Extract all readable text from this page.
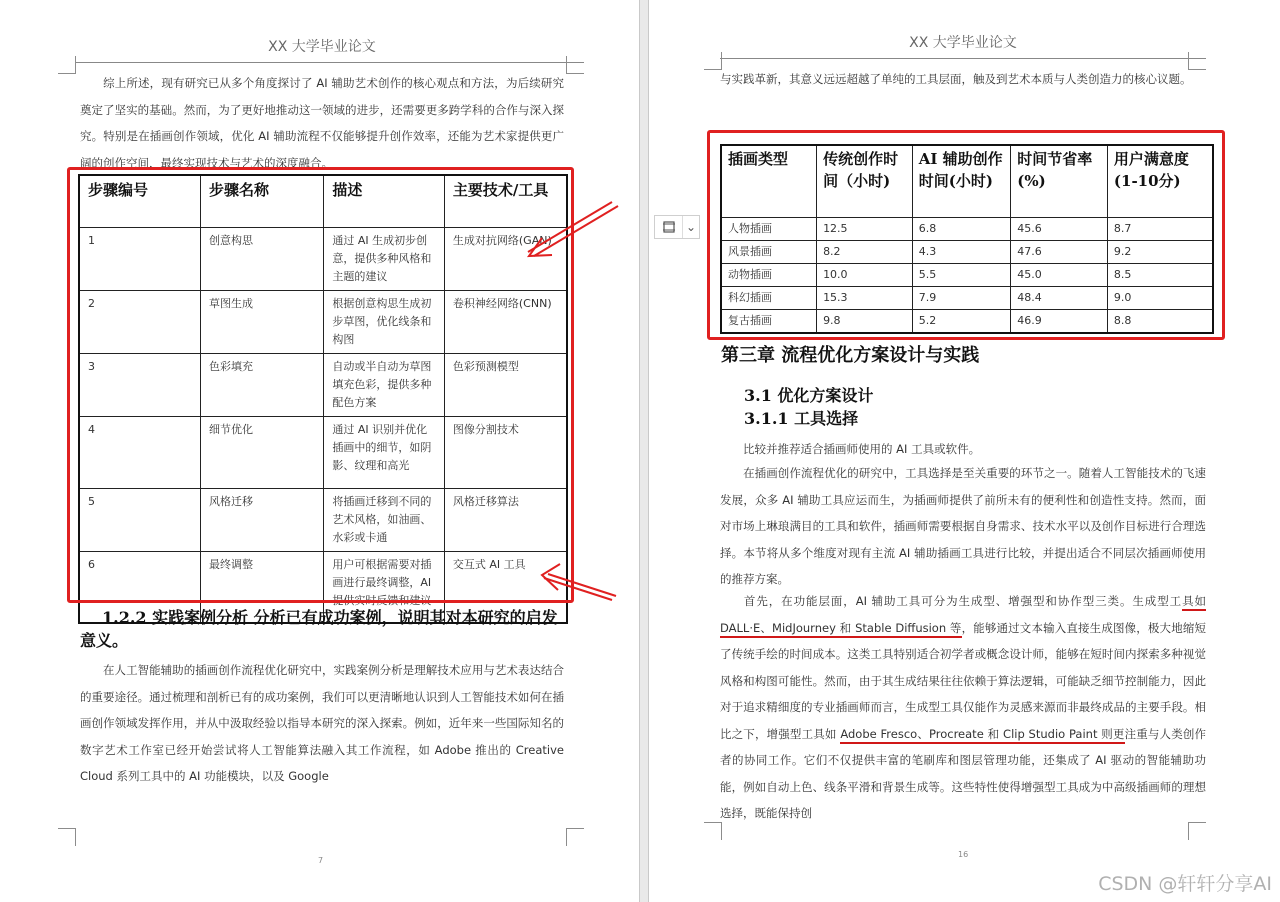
XX 大学毕业论文
综上所述，现有研究已从多个角度探讨了 AI 辅助艺术创作的核心观点和方法，为后续研究奠定了坚实的基础。然而，为了更好地推动这一领域的进步，还需要更多跨学科的合作与深入探究。特别是在插画创作领域，优化 AI 辅助流程不仅能够提升创作效率，还能为艺术家提供更广阔的创作空间，最终实现技术与艺术的深度融合。
步骤编号	步骤名称	描述	主要技术/工具
1	创意构思	通过 AI 生成初步创意，提供多种风格和主题的建议	生成对抗网络(GAN)
2	草图生成	根据创意构思生成初步草图，优化线条和构图	卷积神经网络(CNN)
3	色彩填充	自动或半自动为草图填充色彩，提供多种配色方案	色彩预测模型
4	细节优化	通过 AI 识别并优化插画中的细节，如阴影、纹理和高光	图像分割技术
5	风格迁移	将插画迁移到不同的艺术风格，如油画、水彩或卡通	风格迁移算法
6	最终调整	用户可根据需要对插画进行最终调整，AI 提供实时反馈和建议	交互式 AI 工具
1.2.2 实践案例分析 分析已有成功案例，说明其对本研究的启发意义。
在人工智能辅助的插画创作流程优化研究中，实践案例分析是理解技术应用与艺术表达结合的重要途径。通过梳理和剖析已有的成功案例，我们可以更清晰地认识到人工智能技术如何在插画创作领域发挥作用，并从中汲取经验以指导本研究的深入探索。例如，近年来一些国际知名的数字艺术工作室已经开始尝试将人工智能算法融入其工作流程，如 Adobe 推出的 Creative Cloud 系列工具中的 AI 功能模块，以及 Google
7
XX 大学毕业论文
与实践革新，其意义远远超越了单纯的工具层面，触及到艺术本质与人类创造力的核心议题。
插画类型	传统创作时间（小时)	AI 辅助创作时间(小时)	时间节省率(%)	用户满意度 (1-10分)
人物插画	12.5	6.8	45.6	8.7
风景插画	8.2	4.3	47.6	9.2
动物插画	10.0	5.5	45.0	8.5
科幻插画	15.3	7.9	48.4	9.0
复古插画	9.8	5.2	46.9	8.8
第三章 流程优化方案设计与实践
3.1 优化方案设计
3.1.1 工具选择
比较并推荐适合插画师使用的 AI 工具或软件。
在插画创作流程优化的研究中，工具选择是至关重要的环节之一。随着人工智能技术的飞速发展，众多 AI 辅助工具应运而生，为插画师提供了前所未有的便利性和创造性支持。然而，面对市场上琳琅满目的工具和软件，插画师需要根据自身需求、技术水平以及创作目标进行合理选择。本节将从多个维度对现有主流 AI 辅助插画工具进行比较，并提出适合不同层次插画师使用的推荐方案。
首先，在功能层面，AI 辅助工具可分为生成型、增强型和协作型三类。生成型工具如 DALL·E、MidJourney 和 Stable Diffusion 等，能够通过文本输入直接生成图像，极大地缩短了传统手绘的时间成本。这类工具特别适合初学者或概念设计师，能够在短时间内探索多种视觉风格和构图可能性。然而，由于其生成结果往往依赖于算法逻辑，可能缺乏细节控制能力，因此对于追求精细度的专业插画师而言，生成型工具仅能作为灵感来源而非最终成品的主要手段。相比之下，增强型工具如 Adobe Fresco、Procreate 和 Clip Studio Paint 则更注重与人类创作者的协同工作。它们不仅提供丰富的笔刷库和图层管理功能，还集成了 AI 驱动的智能辅助功能，例如自动上色、线条平滑和背景生成等。这些特性使得增强型工具成为中高级插画师的理想选择，既能保持创
16
⌄
CSDN @轩轩分享AI
